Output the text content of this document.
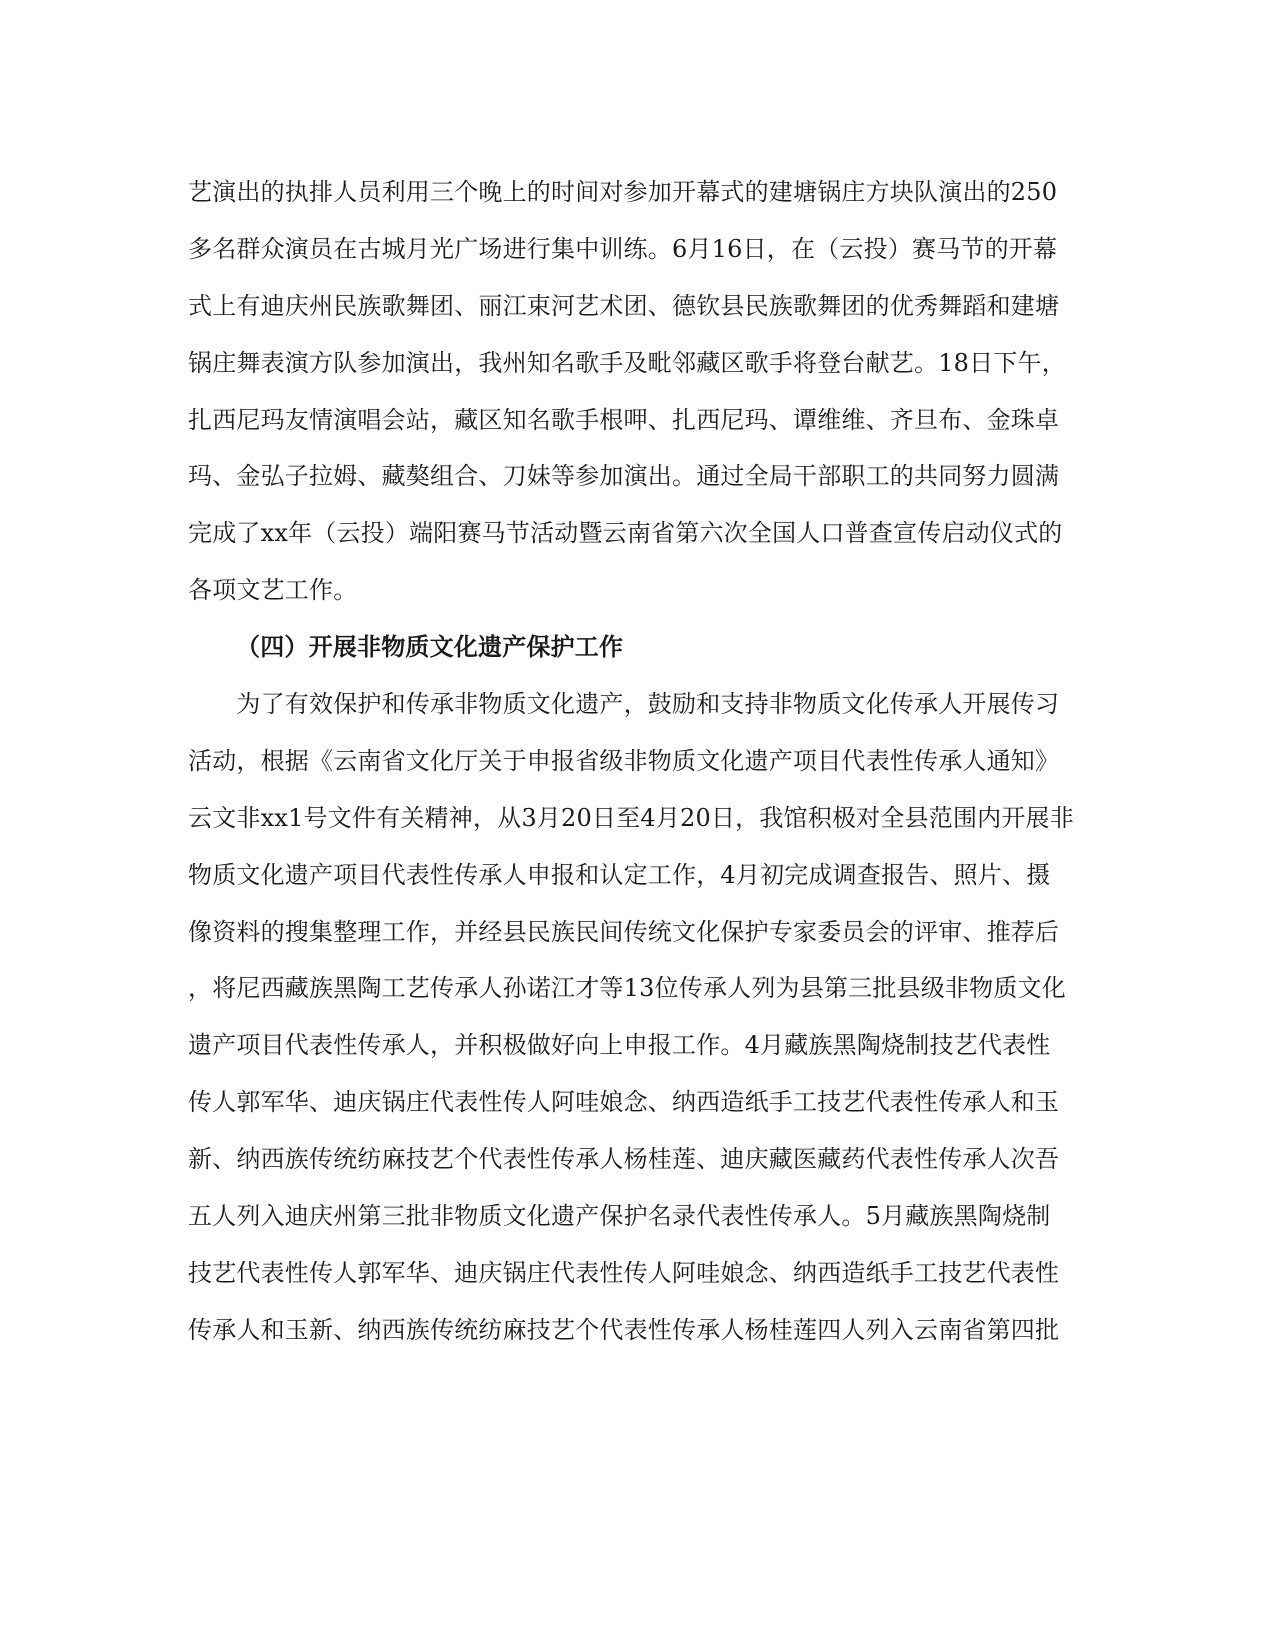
艺演出的执排人员利用三个晚上的时间对参加开幕式的建塘锅庄方块队演出的250
多名群众演员在古城月光广场进行集中训练。6月16日，在（云投）赛马节的开幕
式上有迪庆州民族歌舞团、丽江束河艺术团、德钦县民族歌舞团的优秀舞蹈和建塘
锅庄舞表演方队参加演出，我州知名歌手及毗邻藏区歌手将登台献艺。18日下午，
扎西尼玛友情演唱会站，藏区知名歌手根呷、扎西尼玛、谭维维、齐旦布、金珠卓
玛、金弘子拉姆、藏獒组合、刀妹等参加演出。通过全局干部职工的共同努力圆满
完成了xx年（云投）端阳赛马节活动暨云南省第六次全国人口普查宣传启动仪式的
各项文艺工作。
（四）开展非物质文化遗产保护工作
　　为了有效保护和传承非物质文化遗产，鼓励和支持非物质文化传承人开展传习
活动，根据《云南省文化厅关于申报省级非物质文化遗产项目代表性传承人通知》
云文非xx1号文件有关精神，从3月20日至4月20日，我馆积极对全县范围内开展非
物质文化遗产项目代表性传承人申报和认定工作，4月初完成调查报告、照片、摄
像资料的搜集整理工作，并经县民族民间传统文化保护专家委员会的评审、推荐后
，将尼西藏族黑陶工艺传承人孙诺江才等13位传承人列为县第三批县级非物质文化
遗产项目代表性传承人，并积极做好向上申报工作。4月藏族黑陶烧制技艺代表性
传人郭军华、迪庆锅庄代表性传人阿哇娘念、纳西造纸手工技艺代表性传承人和玉
新、纳西族传统纺麻技艺个代表性传承人杨桂莲、迪庆藏医藏药代表性传承人次吾
五人列入迪庆州第三批非物质文化遗产保护名录代表性传承人。5月藏族黑陶烧制
技艺代表性传人郭军华、迪庆锅庄代表性传人阿哇娘念、纳西造纸手工技艺代表性
传承人和玉新、纳西族传统纺麻技艺个代表性传承人杨桂莲四人列入云南省第四批
